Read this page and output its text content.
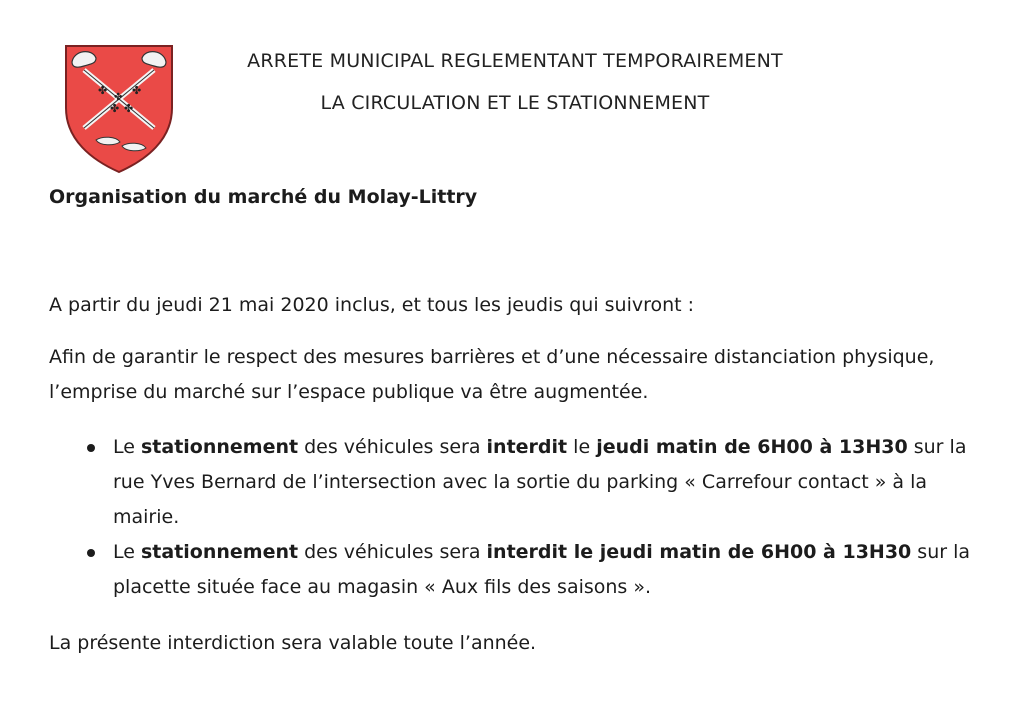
✤ ✤
✤ ✤
✤
ARRETE MUNICIPAL REGLEMENTANT TEMPORAIREMENT
LA CIRCULATION ET LE STATIONNEMENT
Organisation du marché du Molay-Littry
A partir du jeudi 21 mai 2020 inclus, et tous les jeudis qui suivront :
Afin de garantir le respect des mesures barrières et d’une nécessaire distanciation physique, l’emprise du marché sur l’espace publique va être augmentée.
Le stationnement des véhicules sera interdit le jeudi matin de 6H00 à 13H30 sur la rue Yves Bernard de l’intersection avec la sortie du parking « Carrefour contact » à la mairie.
Le stationnement des véhicules sera interdit le jeudi matin de 6H00 à 13H30 sur la placette située face au magasin « Aux fils des saisons ».
La présente interdiction sera valable toute l’année.
